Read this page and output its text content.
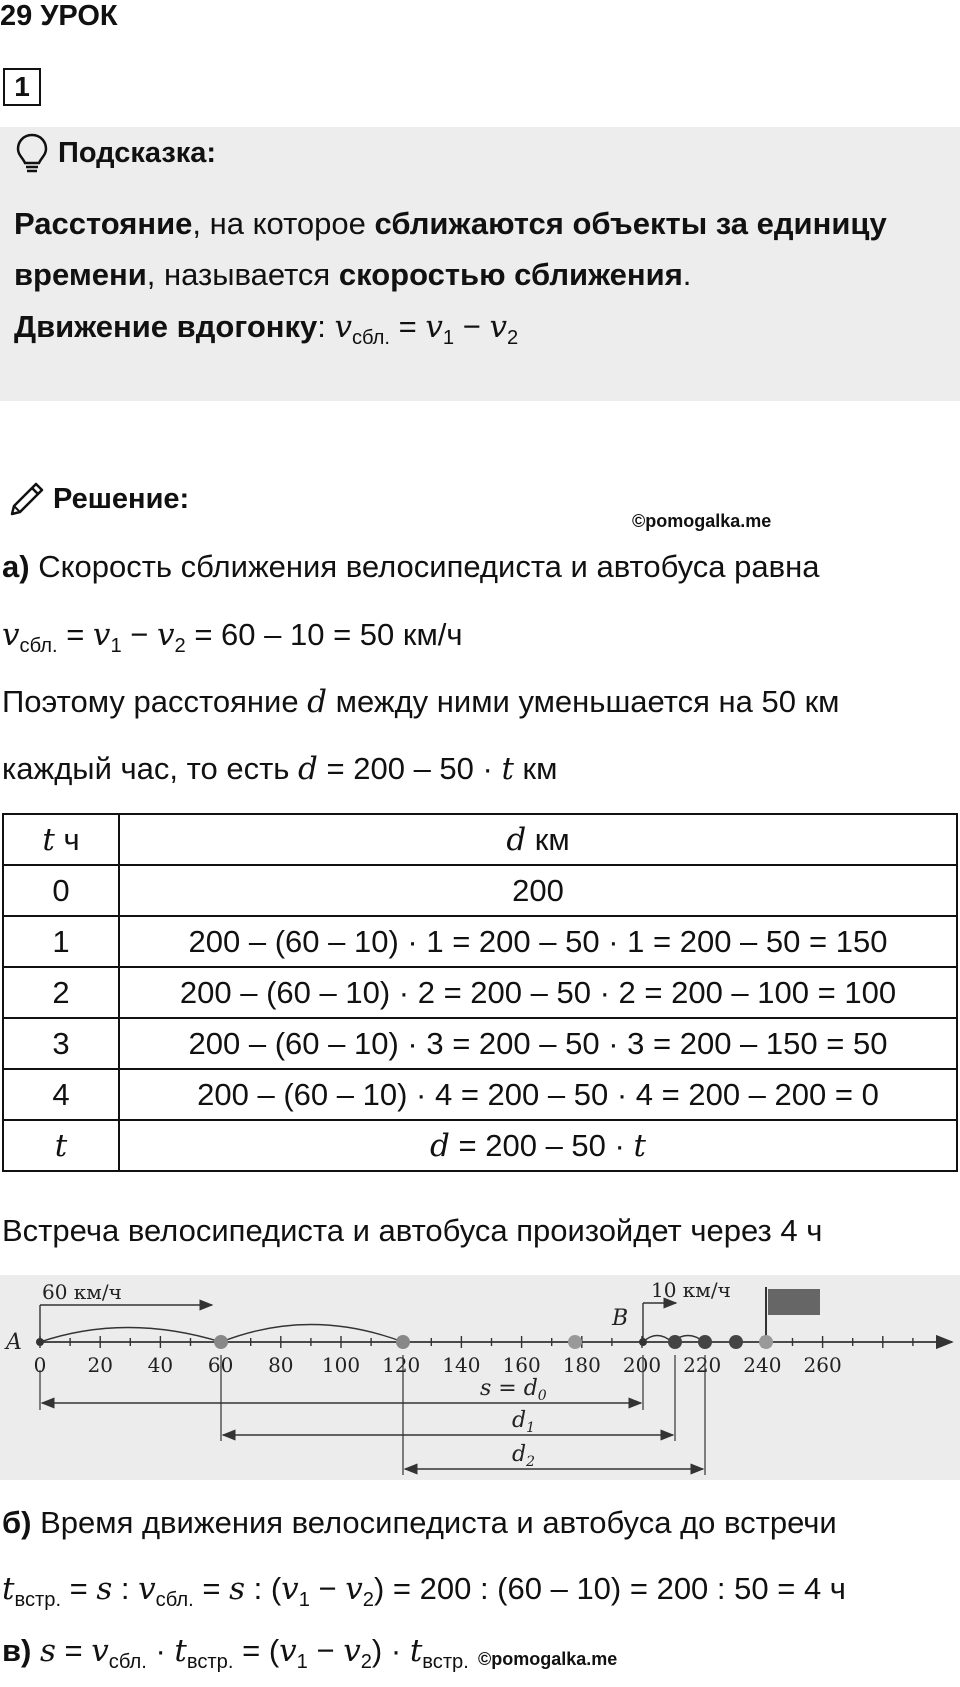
29 УРОК
1
Подсказка:
Расстояние, на которое сближаются объекты за единицу
времени, называется скоростью сближения.
Движение вдогонку: $v_{сбл.} = v_1 - v_2$
Решение:
©pomogalka.me
а) Скорость сближения велосипедиста и автобуса равна
$v_{сбл.} = v_1 - v_2 = 60 - 10 = 50$ км/ч
Поэтому расстояние d между ними уменьшается на 50 км
каждый час, то есть d = 200 – 50 · t км
t ч	d км
0	200
1	200 – (60 – 10) · 1 = 200 – 50 · 1 = 200 – 50 = 150
2	200 – (60 – 10) · 2 = 200 – 50 · 2 = 200 – 100 = 100
3	200 – (60 – 10) · 3 = 200 – 50 · 3 = 200 – 150 = 50
4	200 – (60 – 10) · 4 = 200 – 50 · 4 = 200 – 200 = 0
t	d = 200 – 50 · t
Встреча велосипедиста и автобуса произойдет через 4 ч
0 20 40 60 80 100 120 140 160 180 200 220 240 260
60 км/ч	10 км/ч
A
B
$s = d_0$
$d_1$
$d_2$
б) Время движения велосипедиста и автобуса до встречи
$t_{встр.} = s$ : $v_{сбл.} = s$ : $(v_1 - v_2) = 200$ : (60 – 10) = 200 : 50 = 4 ч
в) $s = v_{сбл.} \cdot t_{встр.} = (v_1 - v_2) \cdot t_{встр.}$ ©pomogalka.me
